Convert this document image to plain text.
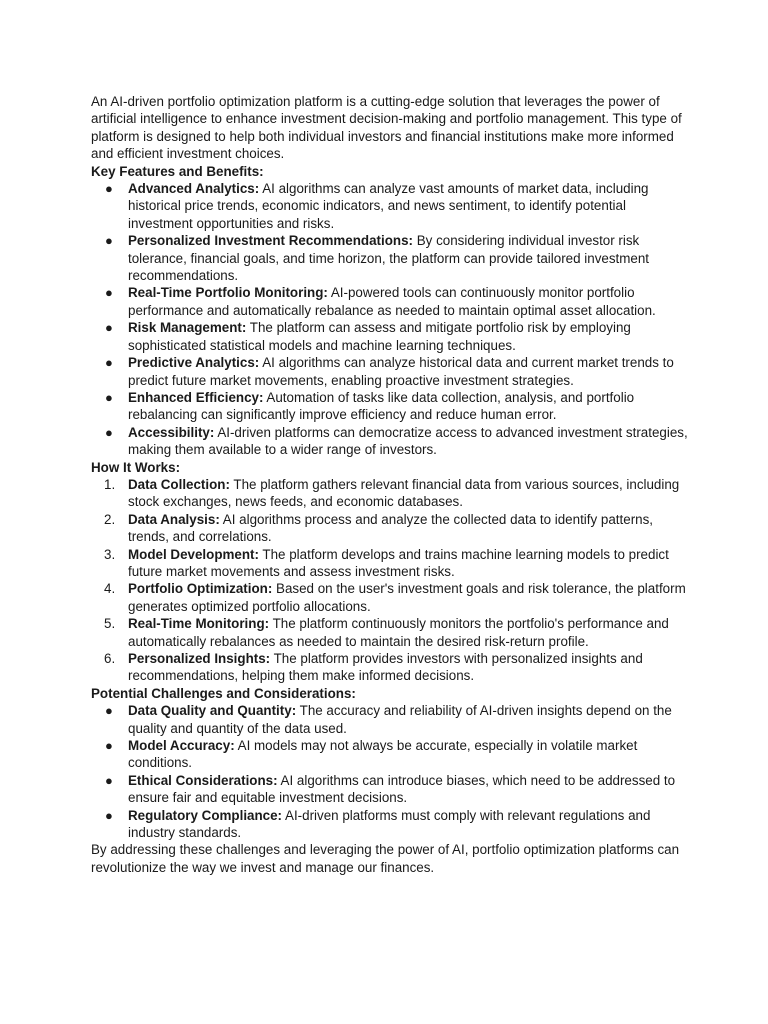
An AI-driven portfolio optimization platform is a cutting-edge solution that leverages the power of artificial intelligence to enhance investment decision-making and portfolio management. This type of platform is designed to help both individual investors and financial institutions make more informed and efficient investment choices.

Key Features and Benefits:

●	Advanced Analytics: AI algorithms can analyze vast amounts of market data, including historical price trends, economic indicators, and news sentiment, to identify potential investment opportunities and risks.
●	Personalized Investment Recommendations: By considering individual investor risk tolerance, financial goals, and time horizon, the platform can provide tailored investment recommendations.
●	Real-Time Portfolio Monitoring: AI-powered tools can continuously monitor portfolio performance and automatically rebalance as needed to maintain optimal asset allocation.
●	Risk Management: The platform can assess and mitigate portfolio risk by employing sophisticated statistical models and machine learning techniques.
●	Predictive Analytics: AI algorithms can analyze historical data and current market trends to predict future market movements, enabling proactive investment strategies.
●	Enhanced Efficiency: Automation of tasks like data collection, analysis, and portfolio rebalancing can significantly improve efficiency and reduce human error.
●	Accessibility: AI-driven platforms can democratize access to advanced investment strategies, making them available to a wider range of investors.

How It Works:

1. Data Collection: The platform gathers relevant financial data from various sources, including stock exchanges, news feeds, and economic databases.
2. Data Analysis: AI algorithms process and analyze the collected data to identify patterns, trends, and correlations.
3. Model Development: The platform develops and trains machine learning models to predict future market movements and assess investment risks.
4. Portfolio Optimization: Based on the user's investment goals and risk tolerance, the platform generates optimized portfolio allocations.
5. Real-Time Monitoring: The platform continuously monitors the portfolio's performance and automatically rebalances as needed to maintain the desired risk-return profile.
6. Personalized Insights: The platform provides investors with personalized insights and recommendations, helping them make informed decisions.

Potential Challenges and Considerations:

●	Data Quality and Quantity: The accuracy and reliability of AI-driven insights depend on the quality and quantity of the data used.
●	Model Accuracy: AI models may not always be accurate, especially in volatile market conditions.
●	Ethical Considerations: AI algorithms can introduce biases, which need to be addressed to ensure fair and equitable investment decisions.
●	Regulatory Compliance: AI-driven platforms must comply with relevant regulations and industry standards.

By addressing these challenges and leveraging the power of AI, portfolio optimization platforms can revolutionize the way we invest and manage our finances.
